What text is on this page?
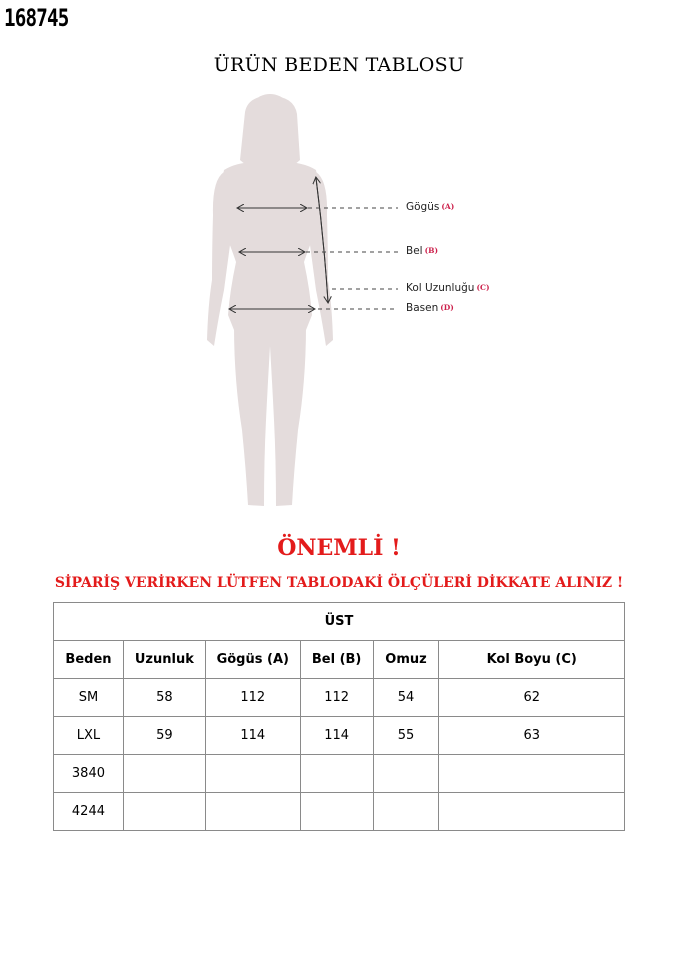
168745
ÜRÜN BEDEN TABLOSU
Gögüs (A)
Bel (B)
Kol Uzunluğu (C)
Basen (D)
ÖNEMLİ !
SİPARİŞ VERİRKEN LÜTFEN TABLODAKİ ÖLÇÜLERİ DİKKATE ALINIZ !
ÜST					
Beden	Uzunluk	Gögüs (A)	Bel (B)	Omuz	Kol Boyu (C)
SM	58	112	112	54	62
LXL	59	114	114	55	63
3840					
4244					
